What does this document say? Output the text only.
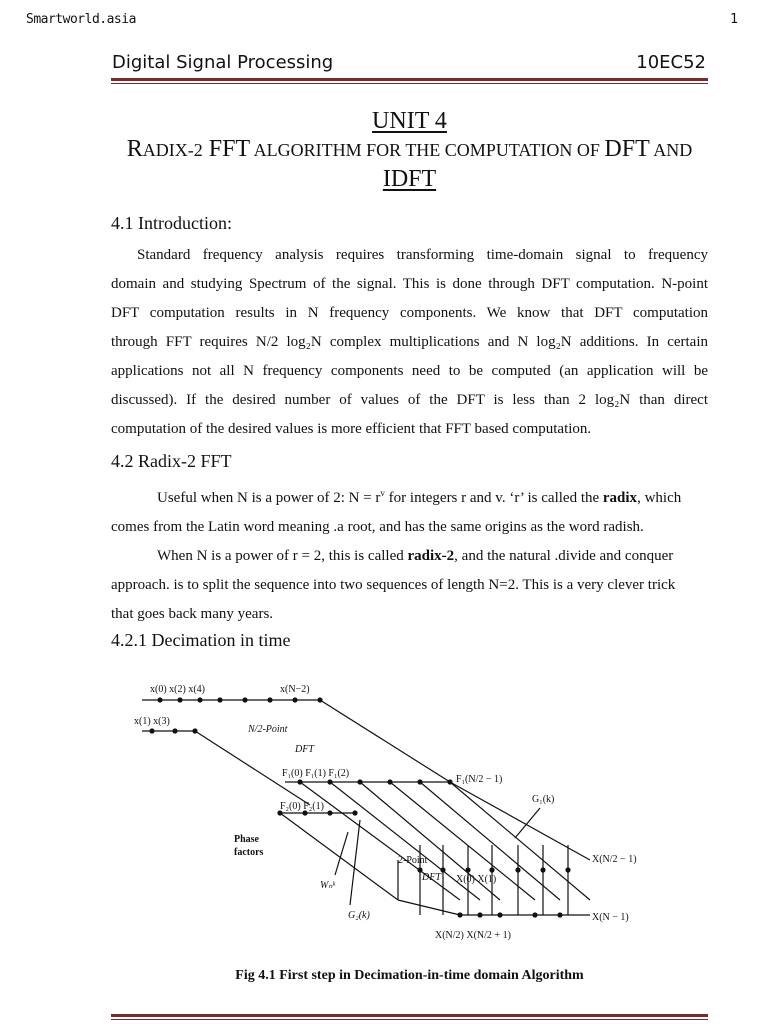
Smartworld.asia	1
Digital Signal Processing	10EC52
UNIT 4
RADIX-2 FFT ALGORITHM FOR THE COMPUTATION OF DFT AND
IDFT
4.1 Introduction:
Standard frequency analysis requires transforming time-domain signal to frequency
domain and studying Spectrum of the signal. This is done through DFT computation. N-point
DFT computation results in N frequency components. We know that DFT computation
through FFT requires N/2 log₂N complex multiplications and N log₂N additions. In certain
applications not all N frequency components need to be computed (an application will be
discussed). If the desired number of values of the DFT is less than 2 log₂N than direct
computation of the desired values is more efficient that FFT based computation.
4.2 Radix-2 FFT
Useful when N is a power of 2: $N = r^v$ for integers r and v. ‘r’ is called the radix, which
comes from the Latin word meaning .a root, and has the same origins as the word radish.
When N is a power of r = 2, this is called radix-2, and the natural .divide and conquer
approach. is to split the sequence into two sequences of length N=2. This is a very clever trick
that goes back many years.
4.2.1 Decimation in time
x(0) x(2) x(4)	x(N−2)
x(1) x(3)
N/2-Point
DFT
F₁(0) F₁(1) F₁(2)
F₁(N/2 − 1)
G₁(k)
F₂(0) F₂(1)
Phase
factors
2-Point
DFT X(0) X(1)
Wₙᵏ
G₂(k)
X(N/2 − 1)
X(N − 1)
X(N/2) X(N/2 + 1)
Fig 4.1 First step in Decimation-in-time domain Algorithm
